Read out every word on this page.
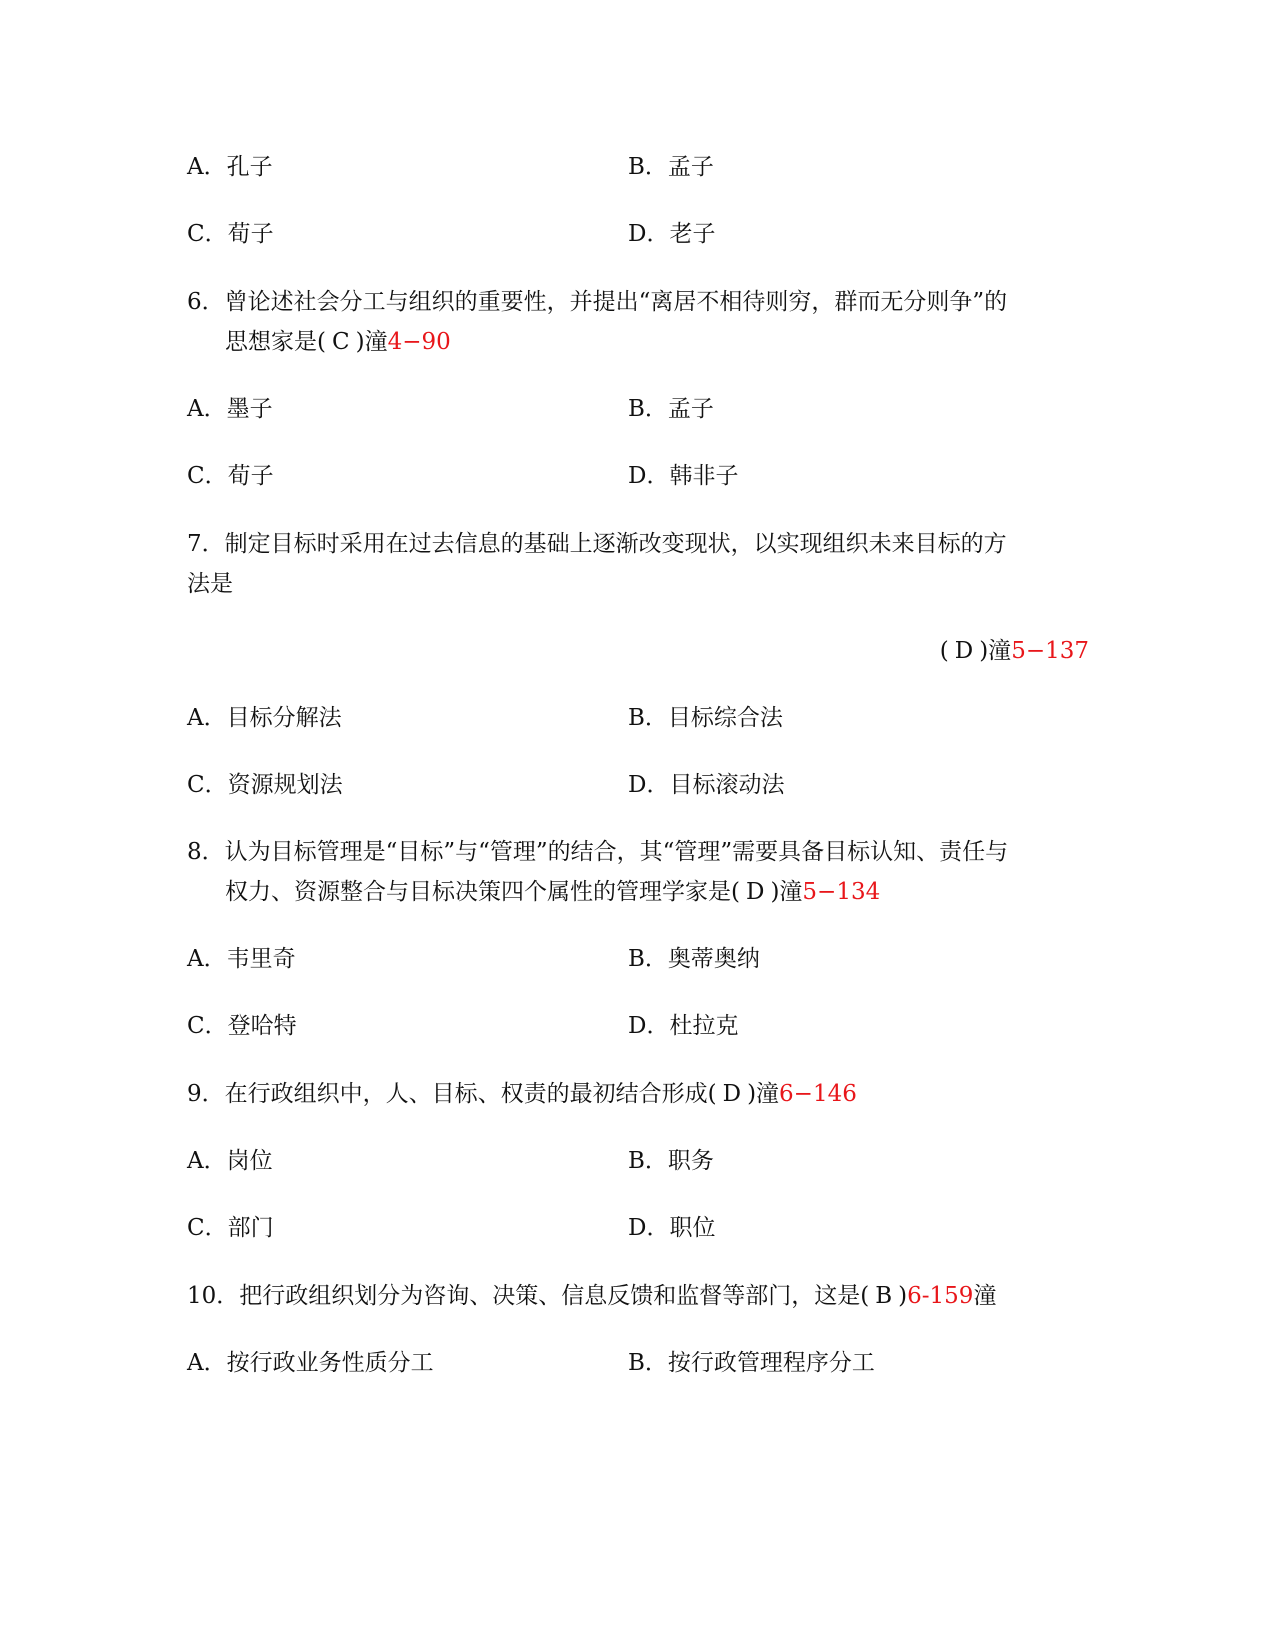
A．孔子	B．孟子
C．荀子	D．老子
6．曾论述社会分工与组织的重要性，并提出“离居不相待则穷，群而无分则争”的
思想家是( C )潼4−90
A．墨子	B．孟子
C．荀子	D．韩非子
7．制定目标时采用在过去信息的基础上逐渐改变现状，以实现组织未来目标的方
法是
( D )潼5−137
A．目标分解法	B．目标综合法
C．资源规划法	D．目标滚动法
8．认为目标管理是“目标”与“管理”的结合，其“管理”需要具备目标认知、责任与
权力、资源整合与目标决策四个属性的管理学家是( D )潼5−134
A．韦里奇	B．奥蒂奥纳
C．登哈特	D．杜拉克
9．在行政组织中，人、目标、权责的最初结合形成( D )潼6−146
A．岗位	B．职务
C．部门	D．职位
10．把行政组织划分为咨询、决策、信息反馈和监督等部门，这是( B )6-159潼
A．按行政业务性质分工	B．按行政管理程序分工
